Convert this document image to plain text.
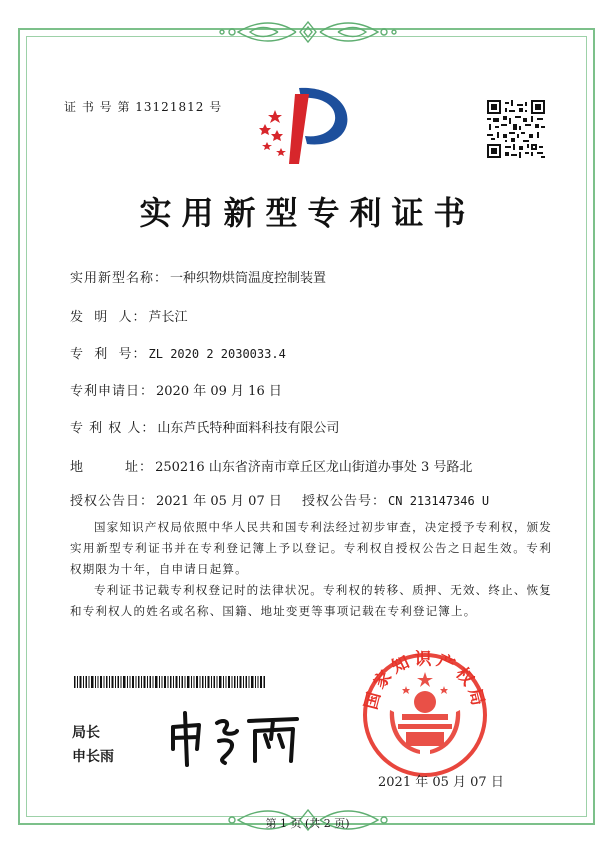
证 书 号 第 13121812 号
实用新型专利证书
实用新型名称： 一种织物烘筒温度控制装置
发  明  人： 芦长江
专  利  号： ZL 2020 2 2030033.4
专利申请日： 2020 年 09 月 16 日
专 利 权 人： 山东芦氏特种面料科技有限公司
地        址： 250216 山东省济南市章丘区龙山街道办事处 3 号路北
授权公告日： 2021 年 05 月 07 日 授权公告号： CN 213147346 U
国家知识产权局依照中华人民共和国专利法经过初步审查，决定授予专利权，颁发实用新型专利证书并在专利登记簿上予以登记。专利权自授权公告之日起生效。专利权期限为十年，自申请日起算。
专利证书记载专利权登记时的法律状况。专利权的转移、质押、无效、终止、恢复和专利权人的姓名或名称、国籍、地址变更等事项记载在专利登记簿上。
局长
申长雨
国家知识产权局
2021 年 05 月 07 日
第 1 页 (共 2 页)
